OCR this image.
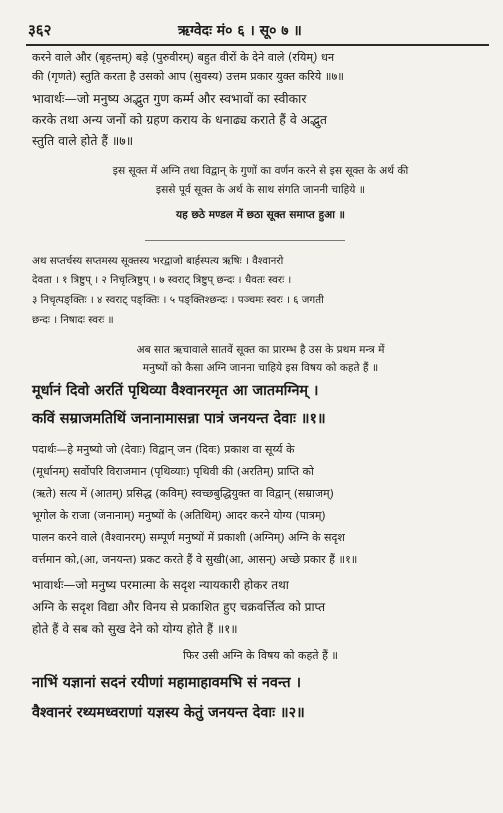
३६२	ऋग्वेदः मं० ६ । सू० ७ ॥
करने वाले और (बृहन्तम्) बड़े (पुरुवीरम्) बहुत वीरों के देने वाले (रयिम्) धन
की (गृणते) स्तुति करता है उसको आप (सुवस्य) उत्तम प्रकार युक्त करिये ॥७॥
भावार्थः—जो मनुष्य अद्भुत गुण कर्म्म और स्वभावों का स्वीकार
करके तथा अन्य जनों को ग्रहण कराय के धनाढ्य कराते हैं वे अद्भुत
स्तुति वाले होते हैं ॥७॥
इस सूक्त में अग्नि तथा विद्वान् के गुणों का वर्णन करने से इस सूक्त के अर्थ की
इससे पूर्व सूक्त के अर्थ के साथ संगति जाननी चाहिये ॥
यह छठे मण्डल में छठा सूक्त समाप्त हुआ ॥
अथ सप्तर्चस्य सप्तमस्य सूक्तस्य भरद्वाजो बार्हस्पत्य ऋषिः । वैश्वानरो
देवता । १ त्रिष्टुप् । २ निचृत्त्रिष्टुप् । ७ स्वराट् त्रिष्टुप् छन्दः । धैवतः स्वरः ।
३ निचृत्पङ्क्तिः । ४ स्वराट् पङ्क्तिः । ५ पङ्क्तिश्छन्दः । पञ्चमः स्वरः । ६ जगती
छन्दः । निषादः स्वरः ॥
अब सात ऋचावाले सातवें सूक्त का प्रारम्भ है उस के प्रथम मन्त्र में
मनुष्यों को कैसा अग्नि जानना चाहिये इस विषय को कहते हैं ॥
मूर्धानं दिवो अरतिं पृथिव्या वैश्वानरमृत आ जातमग्निम् ।
कविं सम्राजमतिथिं जनानामासन्ना पात्रं जनयन्त देवाः ॥१॥
पदार्थः—हे मनुष्यो जो (देवाः) विद्वान् जन (दिवः) प्रकाश वा सूर्य्य के
(मूर्धानम्) सर्वोपरि विराजमान (पृथिव्याः) पृथिवी की (अरतिम्) प्राप्ति को
(ऋते) सत्य में (आतम्) प्रसिद्ध (कविम्) स्वच्छबुद्धियुक्त वा विद्वान् (सम्राजम्)
भूगोल के राजा (जनानाम्) मनुष्यों के (अतिथिम्) आदर करने योग्य (पात्रम्)
पालन करने वाले (वैश्वानरम्) सम्पूर्ण मनुष्यों में प्रकाशी (अग्निम्) अग्नि के सदृश
वर्त्तमान को,(आ, जनयन्त) प्रकट करते हैं वे सुखी(आ, आसन्) अच्छे प्रकार हैं ॥१॥
भावार्थः—जो मनुष्य परमात्मा के सदृश न्यायकारी होकर तथा
अग्नि के सदृश विद्या और विनय से प्रकाशित हुए चक्रवर्त्तित्व को प्राप्त
होते हैं वे सब को सुख देने को योग्य होते हैं ॥१॥
फिर उसी अग्नि के विषय को कहते हैं ॥
नाभिं यज्ञानां सदनं रयीणां महामाहावमभि सं नवन्त ।
वैश्वानरं रथ्यमध्वराणां यज्ञस्य केतुं जनयन्त देवाः ॥२॥
